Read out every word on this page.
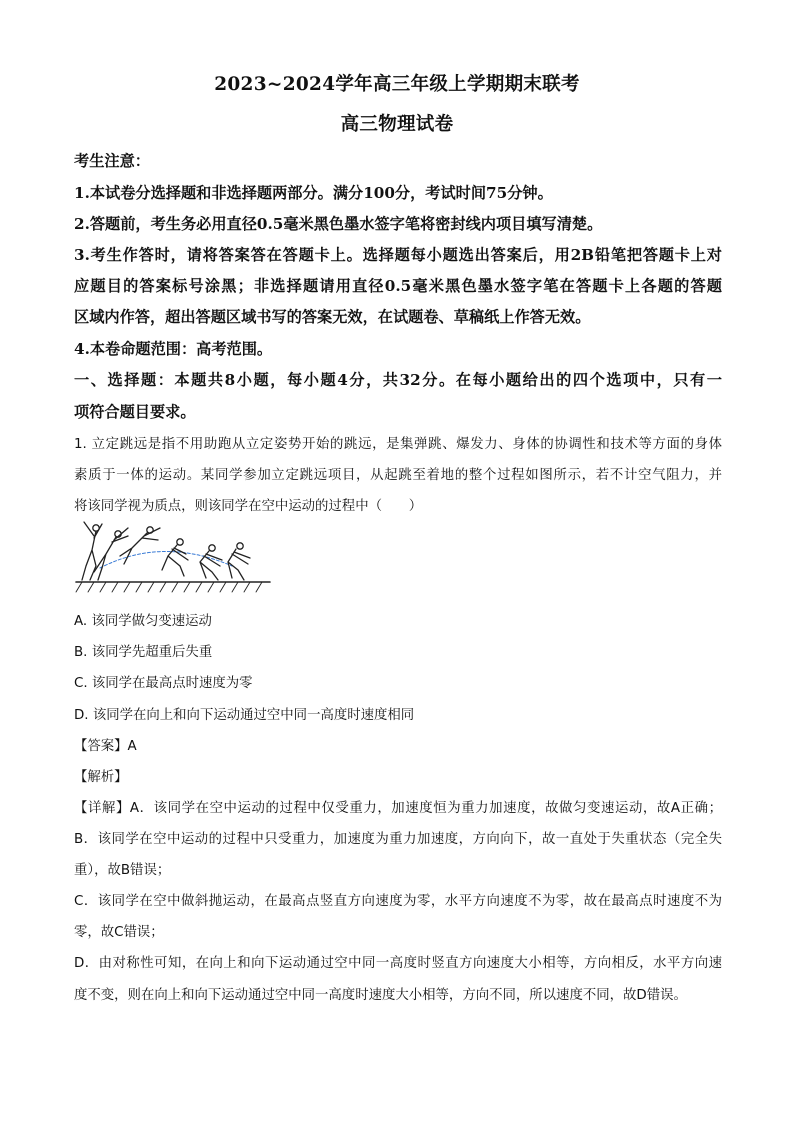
2023~2024学年高三年级上学期期末联考
高三物理试卷
考生注意：
1.本试卷分选择题和非选择题两部分。满分100分，考试时间75分钟。
2.答题前，考生务必用直径0.5毫米黑色墨水签字笔将密封线内项目填写清楚。
3.考生作答时，请将答案答在答题卡上。选择题每小题选出答案后，用2B铅笔把答题卡上对
应题目的答案标号涂黑；非选择题请用直径0.5毫米黑色墨水签字笔在答题卡上各题的答题
区域内作答，超出答题区域书写的答案无效，在试题卷、草稿纸上作答无效。
4.本卷命题范围：高考范围。
一、选择题：本题共8小题，每小题4分，共32分。在每小题给出的四个选项中，只有一
项符合题目要求。
1. 立定跳远是指不用助跑从立定姿势开始的跳远，是集弹跳、爆发力、身体的协调性和技术等方面的身体
素质于一体的运动。某同学参加立定跳远项目，从起跳至着地的整个过程如图所示，若不计空气阻力，并
将该同学视为质点，则该同学在空中运动的过程中（　　）
A. 该同学做匀变速运动
B. 该同学先超重后失重
C. 该同学在最高点时速度为零
D. 该同学在向上和向下运动通过空中同一高度时速度相同
【答案】A
【解析】
【详解】A．该同学在空中运动的过程中仅受重力，加速度恒为重力加速度，故做匀变速运动，故A正确；
B．该同学在空中运动的过程中只受重力，加速度为重力加速度，方向向下，故一直处于失重状态（完全失
重），故B错误；
C．该同学在空中做斜抛运动，在最高点竖直方向速度为零，水平方向速度不为零，故在最高点时速度不为
零，故C错误；
D．由对称性可知，在向上和向下运动通过空中同一高度时竖直方向速度大小相等，方向相反，水平方向速
度不变，则在向上和向下运动通过空中同一高度时速度大小相等，方向不同，所以速度不同，故D错误。
